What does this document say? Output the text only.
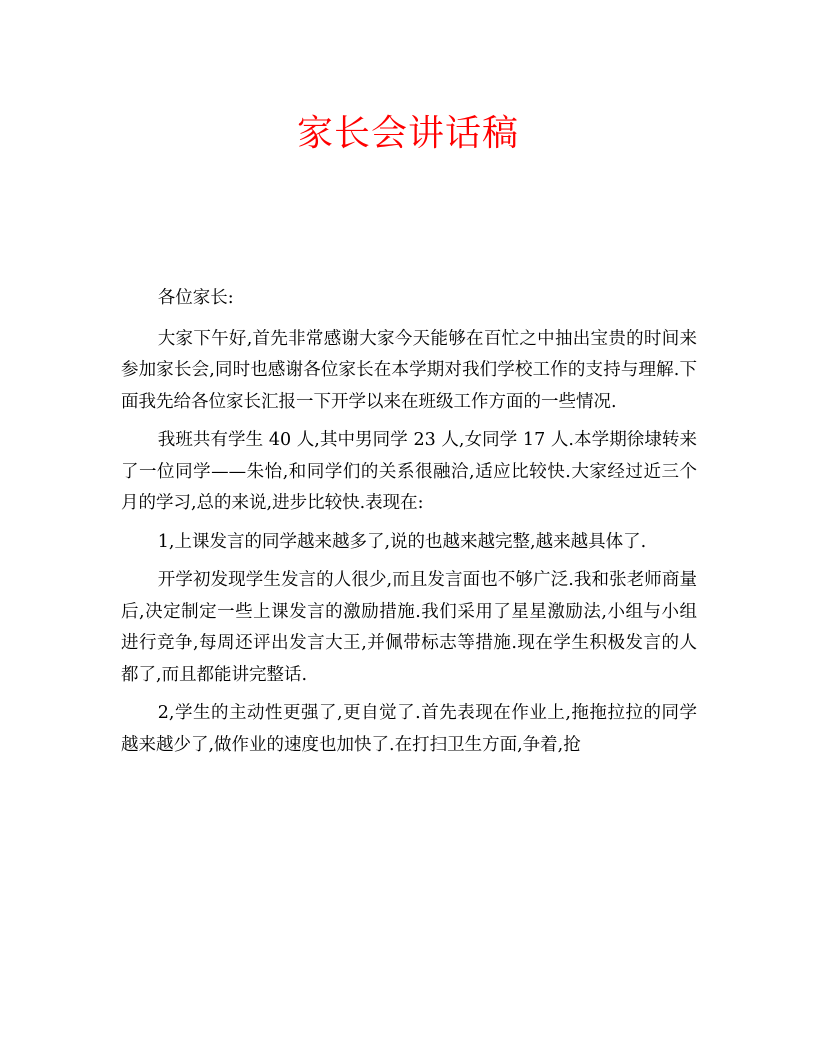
家长会讲话稿

各位家长:

大家下午好,首先非常感谢大家今天能够在百忙之中抽出宝贵的时间来参加家长会,同时也感谢各位家长在本学期对我们学校工作的支持与理解.下面我先给各位家长汇报一下开学以来在班级工作方面的一些情况.

我班共有学生 40 人,其中男同学 23 人,女同学 17 人.本学期徐埭转来了一位同学——朱怡,和同学们的关系很融洽,适应比较快.大家经过近三个月的学习,总的来说,进步比较快.表现在:

1,上课发言的同学越来越多了,说的也越来越完整,越来越具体了.

开学初发现学生发言的人很少,而且发言面也不够广泛.我和张老师商量后,决定制定一些上课发言的激励措施.我们采用了星星激励法,小组与小组进行竞争,每周还评出发言大王,并佩带标志等措施.现在学生积极发言的人都了,而且都能讲完整话.

2,学生的主动性更强了,更自觉了.首先表现在作业上,拖拖拉拉的同学越来越少了,做作业的速度也加快了.在打扫卫生方面,争着,抢
